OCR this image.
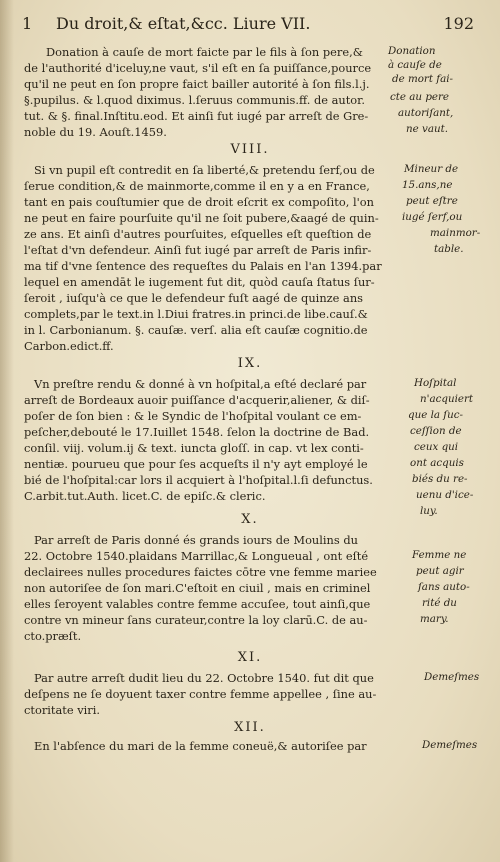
1 Du droit,& eſtat,&cc. Liure VII.	192
Donation à cauſe de mort faicte par le fils à ſon pere,&
de l'authorité d'iceluy,ne vaut, s'il eſt en ſa puiſſance,pource
qu'il ne peut en ſon propre faict bailler autorité à ſon fils.l.j.
§.pupilus. & l.quod diximus. l.ſeruus communis.ff. de autor.
tut. & §. final.Inſtitu.eod. Et ainſi fut iugé par arreſt de Gre-
noble du 19. Aouſt.1459.
VIII.
Si vn pupil eſt contredit en ſa liberté,& pretendu ſerf,ou de
ſerue condition,& de mainmorte,comme il en y a en France,
tant en pais couſtumier que de droit eſcrit ex compoſito, l'on
ne peut en faire pourſuite qu'il ne ſoit pubere,&aagé de quin-
ze ans. Et ainſi d'autres pourſuites, eſquelles eſt queſtion de
l'eſtat d'vn defendeur. Ainſi fut iugé par arreſt de Paris infir-
ma tif d'vne ſentence des requeſtes du Palais en l'an 1394.par
lequel en amendāt le iugement fut dit, quòd cauſa ſtatus ſur-
ſeroit , iuſqu'à ce que le defendeur fuſt aagé de quinze ans
complets,par le text.in l.Diui fratres.in princi.de libe.cauſ.&
in l. Carbonianum. §. cauſæ. verſ. alia eſt cauſæ cognitio.de
Carbon.edict.ff.
IX.
Vn preſtre rendu & donné à vn hoſpital,a eſté declaré par
arreſt de Bordeaux auoir puiſſance d'acquerir,aliener, & diſ-
poſer de ſon bien : & le Syndic de l'hoſpital voulant ce em-
peſcher,debouté le 17.Iuillet 1548. ſelon la doctrine de Bad.
conſil. viij. volum.ij & text. iuncta gloſſ. in cap. vt lex conti-
nentiæ. pourueu que pour ſes acqueſts il n'y ayt employé le
bié de l'hoſpital:car lors il acquiert à l'hoſpital.l.ſi defunctus.
C.arbit.tut.Auth. licet.C. de epiſc.& cleric.
X.
Par arreſt de Paris donné és grands iours de Moulins du
22. Octobre 1540.plaidans Marrillac,& Longueual , ont eſté
declairees nulles procedures faictes cōtre vne femme mariee
non autoriſee de ſon mari.C'eſtoit en ciuil , mais en criminel
elles ſeroyent valables contre femme accuſee, tout ainſi,que
contre vn mineur ſans curateur,contre la loy clarū.C. de au-
cto.præſt.
XI.
Par autre arreſt dudit lieu du 22. Octobre 1540. fut dit que
deſpens ne ſe doyuent taxer contre femme appellee , ſine au-
ctoritate viri.
XII.
En l'abſence du mari de la femme coneuë,& autoriſee par
Donation
à cauſe de
de mort fai-
cte au pere
autoriſant,
ne vaut.
Mineur de
15.ans,ne
peut eſtre
iugé ſerf,ou
mainmor-
table.
Hoſpital
n'acquiert
que la ſuc-
ceſſion de
ceux qui
ont acquis
biés du re-
uenu d'ice-
luy.
Femme ne
peut agir
ſans auto-
rité du
mary.
Demeſmes
Demeſmes
